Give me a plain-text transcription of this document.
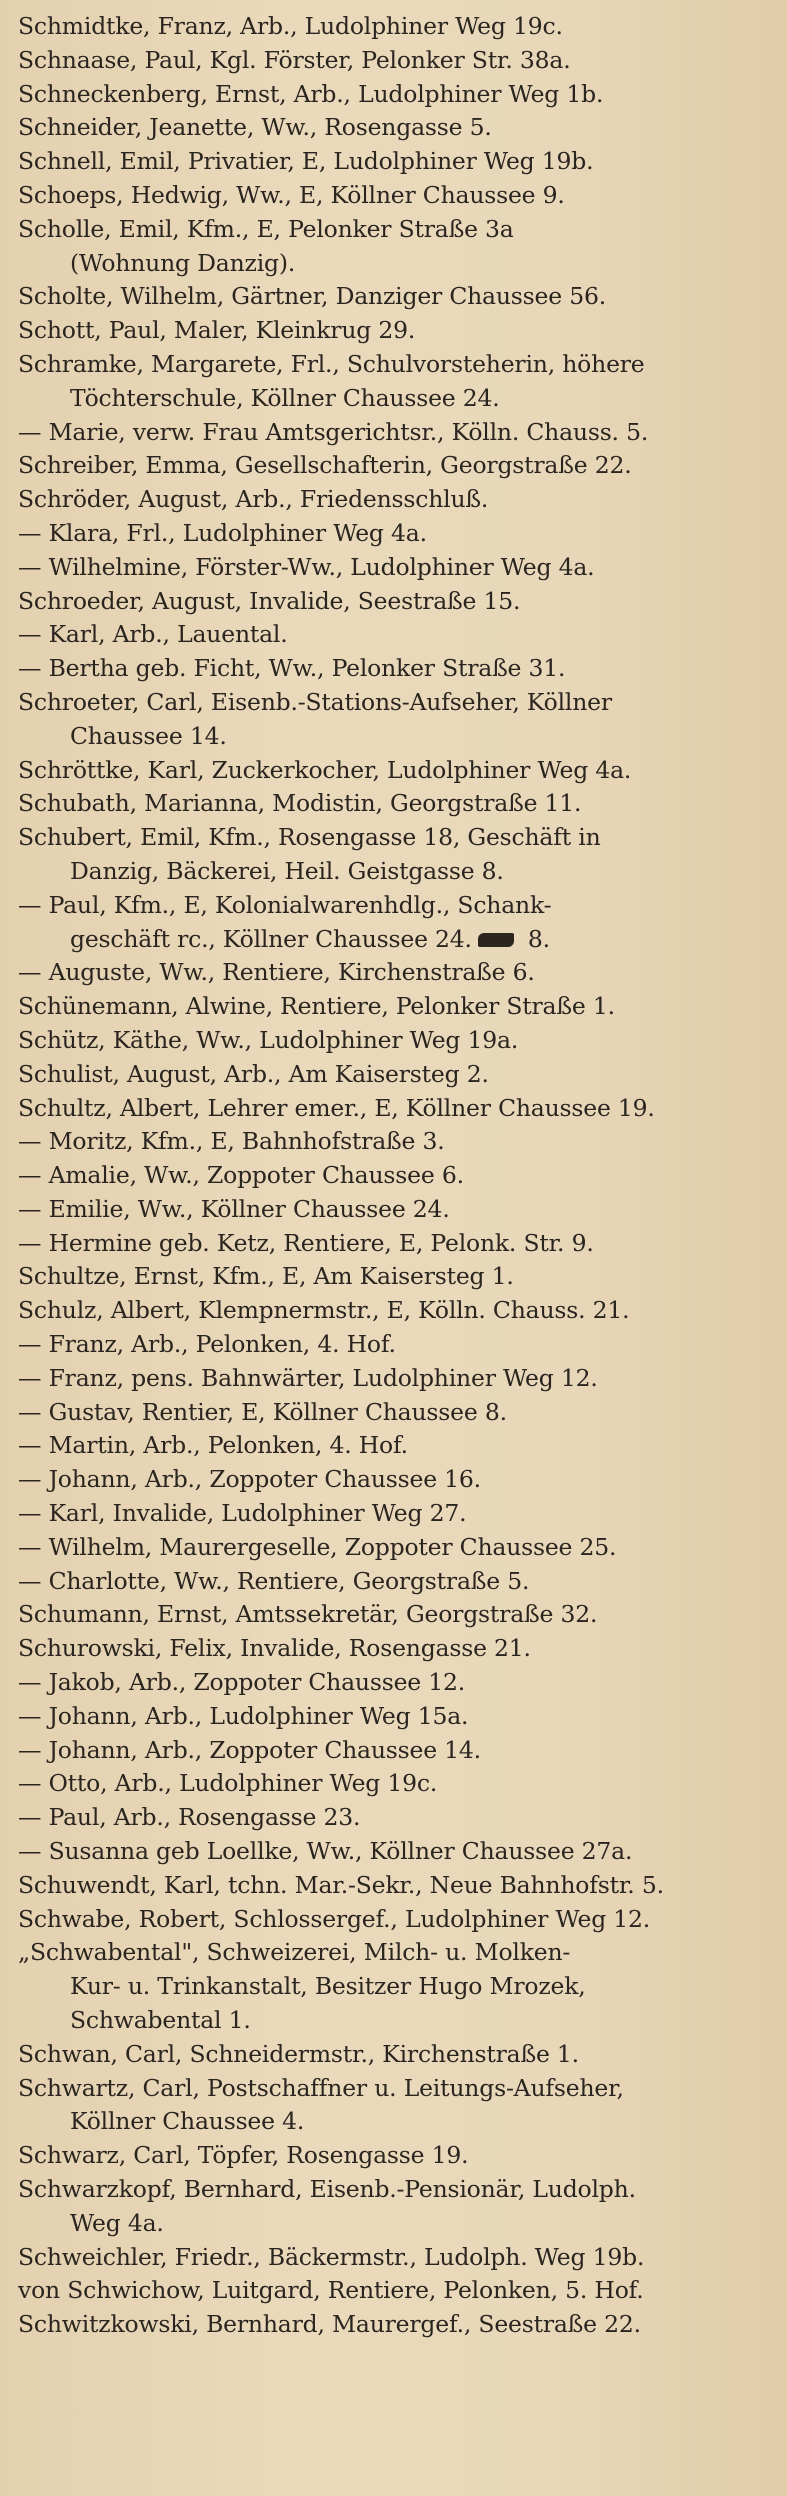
Schmidtke, Franz, Arb., Ludolphiner Weg 19c.
Schnaase, Paul, Kgl. Förster, Pelonker Str. 38a.
Schneckenberg, Ernst, Arb., Ludolphiner Weg 1b.
Schneider, Jeanette, Ww., Rosengasse 5.
Schnell, Emil, Privatier, E, Ludolphiner Weg 19b.
Schoeps, Hedwig, Ww., E, Köllner Chaussee 9.
Scholle, Emil, Kfm., E, Pelonker Straße 3a
(Wohnung Danzig).
Scholte, Wilhelm, Gärtner, Danziger Chaussee 56.
Schott, Paul, Maler, Kleinkrug 29.
Schramke, Margarete, Frl., Schulvorsteherin, höhere
Töchterschule, Köllner Chaussee 24.
— Marie, verw. Frau Amtsgerichtsr., Kölln. Chauss. 5.
Schreiber, Emma, Gesellschafterin, Georgstraße 22.
Schröder, August, Arb., Friedensschluß.
— Klara, Frl., Ludolphiner Weg 4a.
— Wilhelmine, Förster-Ww., Ludolphiner Weg 4a.
Schroeder, August, Invalide, Seestraße 15.
— Karl, Arb., Lauental.
— Bertha geb. Ficht, Ww., Pelonker Straße 31.
Schroeter, Carl, Eisenb.-Stations-Aufseher, Köllner
Chaussee 14.
Schröttke, Karl, Zuckerkocher, Ludolphiner Weg 4a.
Schubath, Marianna, Modistin, Georgstraße 11.
Schubert, Emil, Kfm., Rosengasse 18, Geschäft in
Danzig, Bäckerei, Heil. Geistgasse 8.
— Paul, Kfm., E, Kolonialwarenhdlg., Schank-
geschäft rc., Köllner Chaussee 24. 8.
— Auguste, Ww., Rentiere, Kirchenstraße 6.
Schünemann, Alwine, Rentiere, Pelonker Straße 1.
Schütz, Käthe, Ww., Ludolphiner Weg 19a.
Schulist, August, Arb., Am Kaisersteg 2.
Schultz, Albert, Lehrer emer., E, Köllner Chaussee 19.
— Moritz, Kfm., E, Bahnhofstraße 3.
— Amalie, Ww., Zoppoter Chaussee 6.
— Emilie, Ww., Köllner Chaussee 24.
— Hermine geb. Ketz, Rentiere, E, Pelonk. Str. 9.
Schultze, Ernst, Kfm., E, Am Kaisersteg 1.
Schulz, Albert, Klempnermstr., E, Kölln. Chauss. 21.
— Franz, Arb., Pelonken, 4. Hof.
— Franz, pens. Bahnwärter, Ludolphiner Weg 12.
— Gustav, Rentier, E, Köllner Chaussee 8.
— Martin, Arb., Pelonken, 4. Hof.
— Johann, Arb., Zoppoter Chaussee 16.
— Karl, Invalide, Ludolphiner Weg 27.
— Wilhelm, Maurergeselle, Zoppoter Chaussee 25.
— Charlotte, Ww., Rentiere, Georgstraße 5.
Schumann, Ernst, Amtssekretär, Georgstraße 32.
Schurowski, Felix, Invalide, Rosengasse 21.
— Jakob, Arb., Zoppoter Chaussee 12.
— Johann, Arb., Ludolphiner Weg 15a.
— Johann, Arb., Zoppoter Chaussee 14.
— Otto, Arb., Ludolphiner Weg 19c.
— Paul, Arb., Rosengasse 23.
— Susanna geb Loellke, Ww., Köllner Chaussee 27a.
Schuwendt, Karl, tchn. Mar.-Sekr., Neue Bahnhofstr. 5.
Schwabe, Robert, Schlossergef., Ludolphiner Weg 12.
„Schwabental", Schweizerei, Milch- u. Molken-
Kur- u. Trinkanstalt, Besitzer Hugo Mrozek,
Schwabental 1.
Schwan, Carl, Schneidermstr., Kirchenstraße 1.
Schwartz, Carl, Postschaffner u. Leitungs-Aufseher,
Köllner Chaussee 4.
Schwarz, Carl, Töpfer, Rosengasse 19.
Schwarzkopf, Bernhard, Eisenb.-Pensionär, Ludolph.
Weg 4a.
Schweichler, Friedr., Bäckermstr., Ludolph. Weg 19b.
von Schwichow, Luitgard, Rentiere, Pelonken, 5. Hof.
Schwitzkowski, Bernhard, Maurergef., Seestraße 22.
